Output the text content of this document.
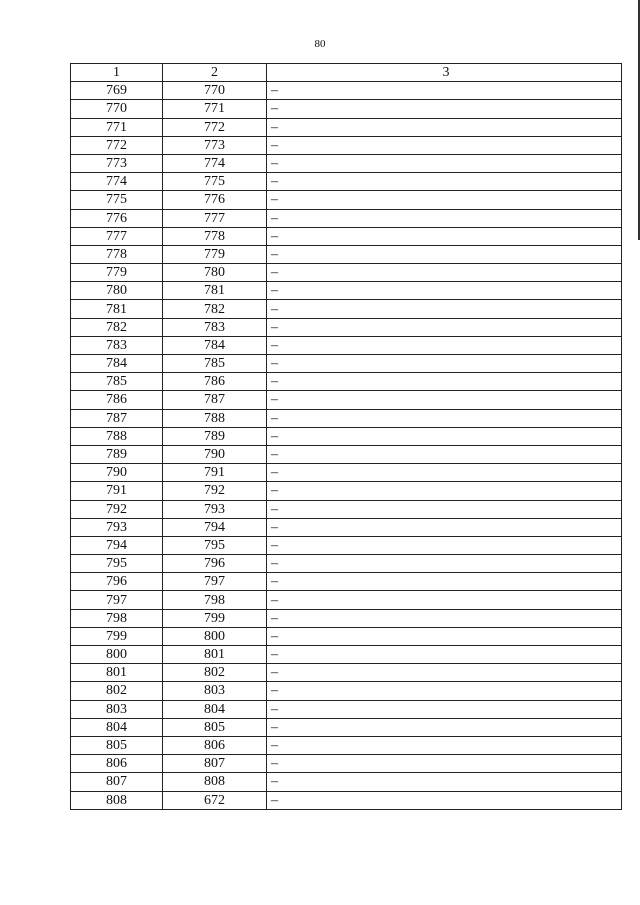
80
1	2	3
769	770	–
770	771	–
771	772	–
772	773	–
773	774	–
774	775	–
775	776	–
776	777	–
777	778	–
778	779	–
779	780	–
780	781	–
781	782	–
782	783	–
783	784	–
784	785	–
785	786	–
786	787	–
787	788	–
788	789	–
789	790	–
790	791	–
791	792	–
792	793	–
793	794	–
794	795	–
795	796	–
796	797	–
797	798	–
798	799	–
799	800	–
800	801	–
801	802	–
802	803	–
803	804	–
804	805	–
805	806	–
806	807	–
807	808	–
808	672	–
